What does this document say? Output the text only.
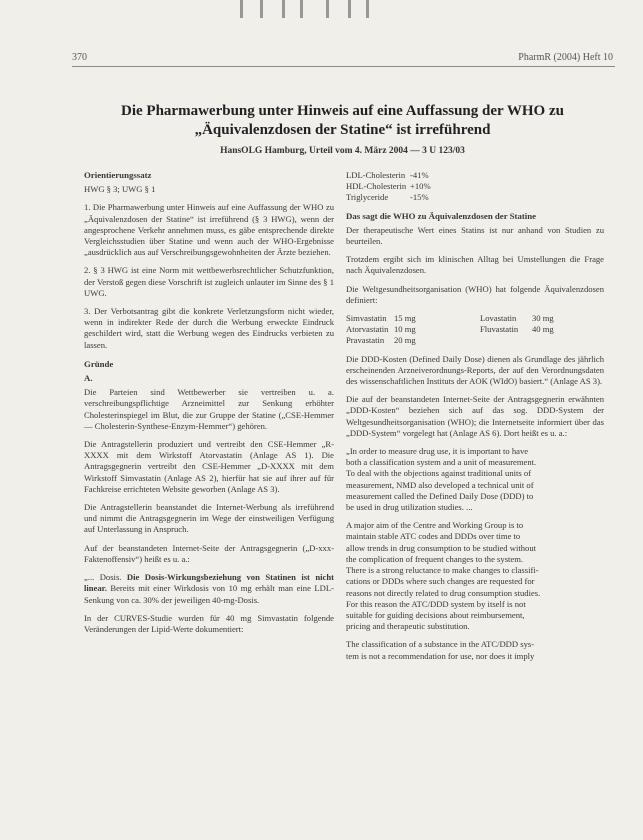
370	PharmR (2004) Heft 10
Die Pharmawerbung unter Hinweis auf eine Auffassung der WHO zu
„Äquivalenzdosen der Statine“ ist irreführend
HansOLG Hamburg, Urteil vom 4. März 2004 — 3 U 123/03
Orientierungssatz

HWG § 3; UWG § 1

1. Die Pharmawerbung unter Hinweis auf eine Auffassung der WHO zu „Äquivalenzdosen der Statine“ ist irreführend (§ 3 HWG), wenn der angesprochene Verkehr annehmen muss, es gäbe entsprechende direkte Vergleichsstudien über Statine und wenn auch der WHO-Ergebnisse „ausdrücklich aus auf Verschreibungsgewohnheiten der Ärzte beziehen.

2. § 3 HWG ist eine Norm mit wettbewerbsrechtlicher Schutzfunktion, der Verstoß gegen diese Vorschrift ist zugleich unlauter im Sinne des § 1 UWG.

3. Der Verbotsantrag gibt die konkrete Verletzungsform nicht wieder, wenn in indirekter Rede der durch die Werbung erweckte Eindruck geschildert wird, statt die Werbung wegen des Eindrucks verbieten zu lassen.

Gründe
A.

Die Parteien sind Wettbewerber sie vertreiben u. a. verschreibungspflichtige Arzneimittel zur Senkung erhöhter Cholesterinspiegel im Blut, die zur Gruppe der Statine („CSE-Hemmer — Cholesterin-Synthese-Enzym-Hemmer“) gehören.

Die Antragstellerin produziert und vertreibt den CSE-Hemmer „R-XXXX mit dem Wirkstoff Atorvastatin (Anlage AS 1). Die Antragsgegnerin vertreibt den CSE-Hemmer „D-XXXX mit dem Wirkstoff Simvastatin (Anlage AS 2), hierfür hat sie auf ihrer auf für Fachkreise errichteten Website geworben (Anlage AS 3).

Die Antragstellerin beanstandet die Internet-Werbung als irreführend und nimmt die Antragsgegnerin im Wege der einstweiligen Verfügung auf Unterlassung in Anspruch.

Auf der beanstandeten Internet-Seite der Antragsgegnerin („D-xxx-Faktenoffensiv“) heißt es u. a.:

„... Dosis. Die Dosis-Wirkungsbeziehung von Statinen ist nicht linear. Bereits mit einer Wirkdosis von 10 mg erhält man eine LDL-Senkung von ca. 30% der jeweiligen 40-mg-Dosis.

In der CURVES-Studie wurden für 40 mg Simvastatin folgende Veränderungen der Lipid-Werte dokumentiert:

LDL-Cholesterin -41%
HDL-Cholesterin +10%
Triglyceride	-15%
Das sagt die WHO zu Äquivalenzdosen der Statine

Der therapeutische Wert eines Statins ist nur anhand von Studien zu beurteilen.

Trotzdem ergibt sich im klinischen Alltag bei Umstellungen die Frage nach Äquivalenzdosen.

Die Weltgesundheitsorganisation (WHO) hat folgende Äquivalenzdosen definiert:

Simvastatin 15 mg	Lovastatin	30 mg
Atorvastatin 10 mg	Fluvastatin	40 mg
Pravastatin	20 mg

Die DDD-Kosten (Defined Daily Dose) dienen als Grundlage des jährlich erscheinenden Arzneiverordnungs-Reports, der auf den Verordnungsdaten des wissenschaftlichen Instituts der AOK (WIdO) basiert.“ (Anlage AS 3).

Die auf der beanstandeten Internet-Seite der Antragsgegnerin erwähnten „DDD-Kosten“ beziehen sich auf das sog. DDD-System der Weltgesundheitsorganisation (WHO); die Internetseite informiert über das „DDD-System“ vorgelegt hat (Anlage AS 6). Dort heißt es u. a.:

„In order to measure drug use, it is important to have
both a classification system and a unit of measurement.
To deal with the objections against traditional units of
measurement, NMD also developed a technical unit of
measurement called the Defined Daily Dose (DDD) to
be used in drug utilization studies. ...

A major aim of the Centre and Working Group is to
maintain stable ATC codes and DDDs over time to
allow trends in drug consumption to be studied without
the complication of frequent changes to the system.
There is a strong reluctance to make changes to classifi-
cations or DDDs where such changes are requested for
reasons not directly related to drug consumption studies.
For this reason the ATC/DDD system by itself is not
suitable for guiding decisions about reimbursement,
pricing and therapeutic substitution.

The classification of a substance in the ATC/DDD sys-
tem is not a recommendation for use, nor does it imply
